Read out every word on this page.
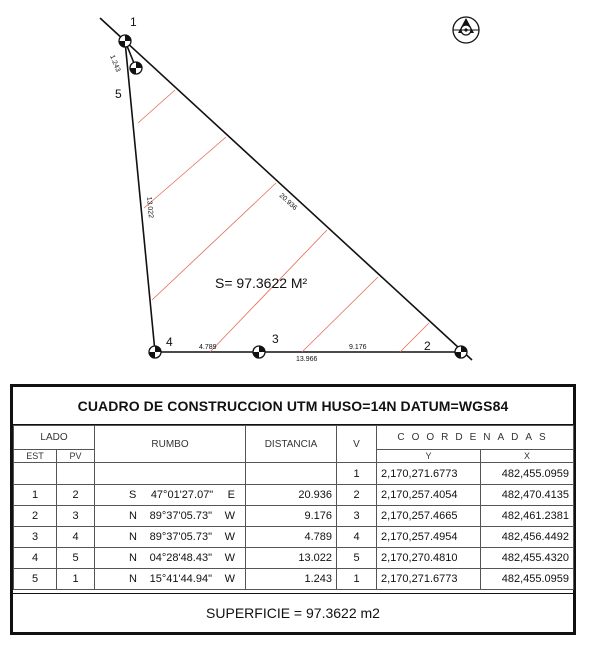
1
2
3
4
5
20.936
9.176
4.789
13.022
1.243
13.966
S= 97.3622 M²
CUADRO DE CONSTRUCCION UTM HUSO=14N DATUM=WGS84
LADO		RUMBO	DISTANCIA	V	COORDENADAS	
EST	PV				Y	X
				1	2,170,271.6773	482,455.0959
1	2	S 47°01'27.07" E	20.936	2	2,170,257.4054	482,470.4135
2	3	N 89°37'05.73" W	9.176	3	2,170,257.4665	482,461.2381
3	4	N 89°37'05.73" W	4.789	4	2,170,257.4954	482,456.4492
4	5	N 04°28'48.43" W	13.022	5	2,170,270.4810	482,455.4320
5	1	N 15°41'44.94" W	1.243	1	2,170,271.6773	482,455.0959
SUPERFICIE = 97.3622 m2
